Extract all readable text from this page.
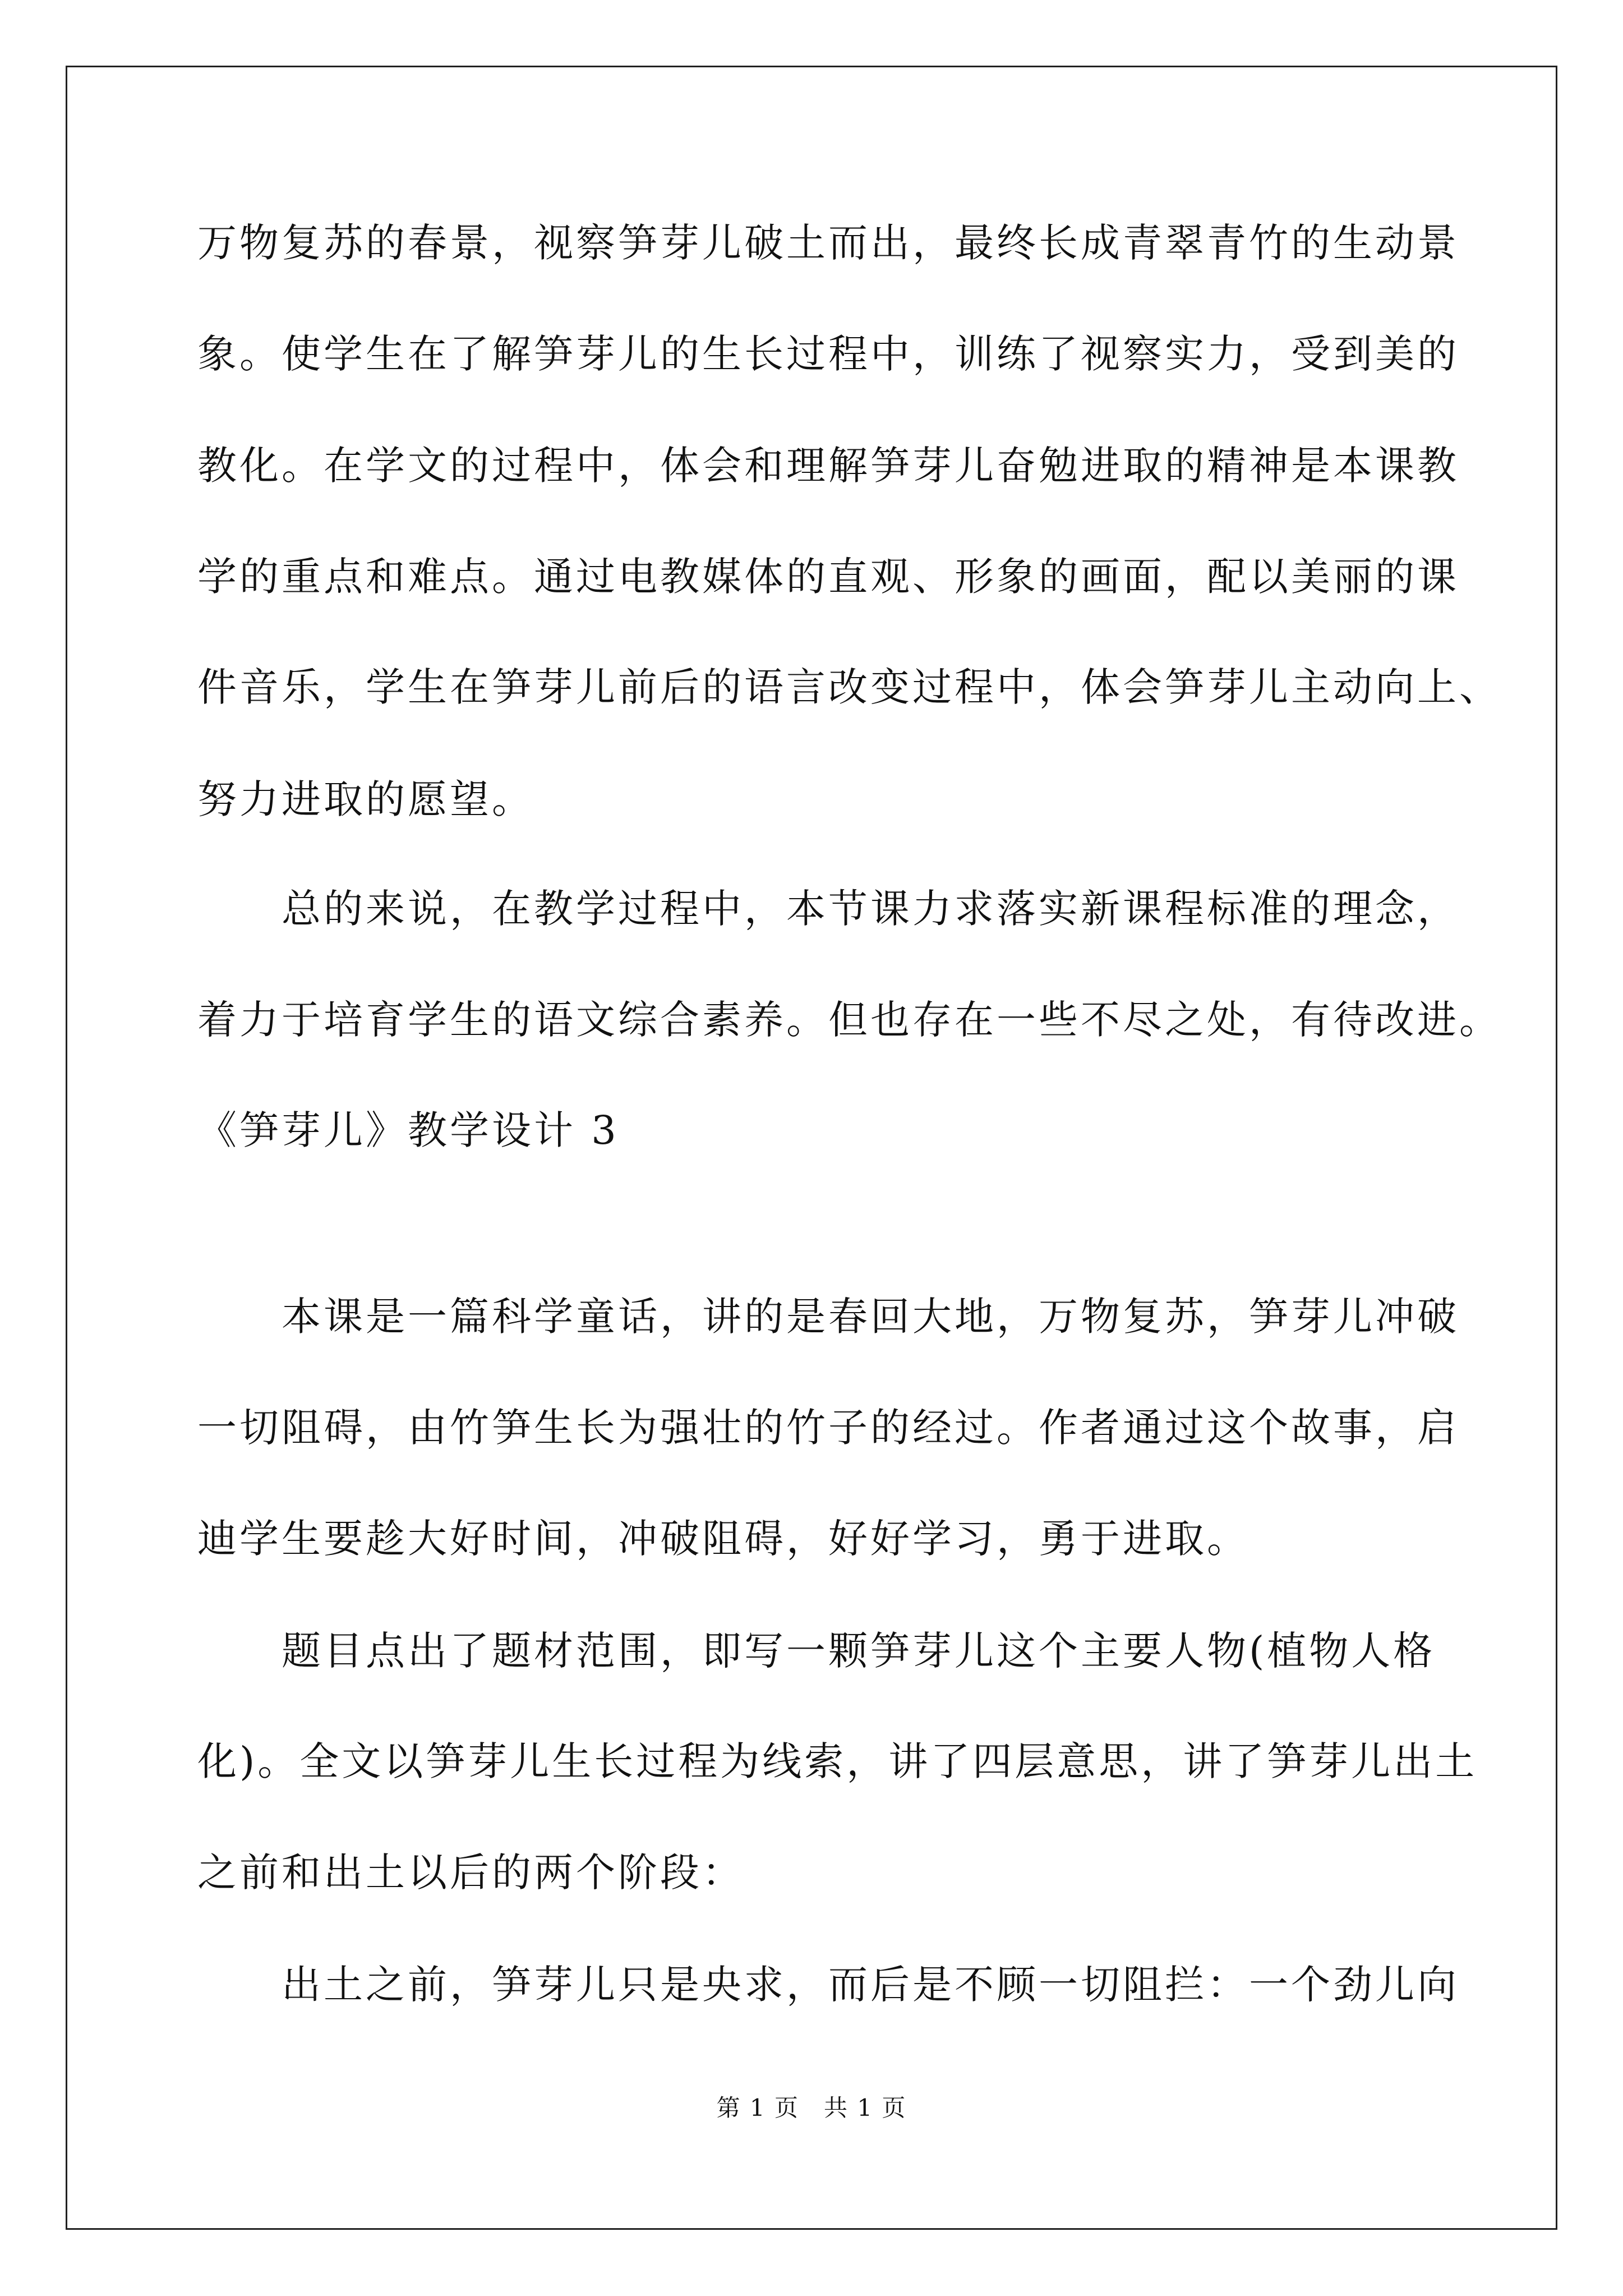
万物复苏的春景，视察笋芽儿破土而出，最终长成青翠青竹的生动景
象。使学生在了解笋芽儿的生长过程中，训练了视察实力，受到美的
教化。在学文的过程中，体会和理解笋芽儿奋勉进取的精神是本课教
学的重点和难点。通过电教媒体的直观、形象的画面，配以美丽的课
件音乐，学生在笋芽儿前后的语言改变过程中，体会笋芽儿主动向上、
努力进取的愿望。
总的来说，在教学过程中，本节课力求落实新课程标准的理念，
着力于培育学生的语文综合素养。但也存在一些不尽之处，有待改进。
《笋芽儿》教学设计 3
本课是一篇科学童话，讲的是春回大地，万物复苏，笋芽儿冲破
一切阻碍，由竹笋生长为强壮的竹子的经过。作者通过这个故事，启
迪学生要趁大好时间，冲破阻碍，好好学习，勇于进取。
题目点出了题材范围，即写一颗笋芽儿这个主要人物(植物人格
化)。全文以笋芽儿生长过程为线索，讲了四层意思，讲了笋芽儿出土
之前和出土以后的两个阶段：
出土之前，笋芽儿只是央求，而后是不顾一切阻拦：一个劲儿向
第 1 页　共 1 页
